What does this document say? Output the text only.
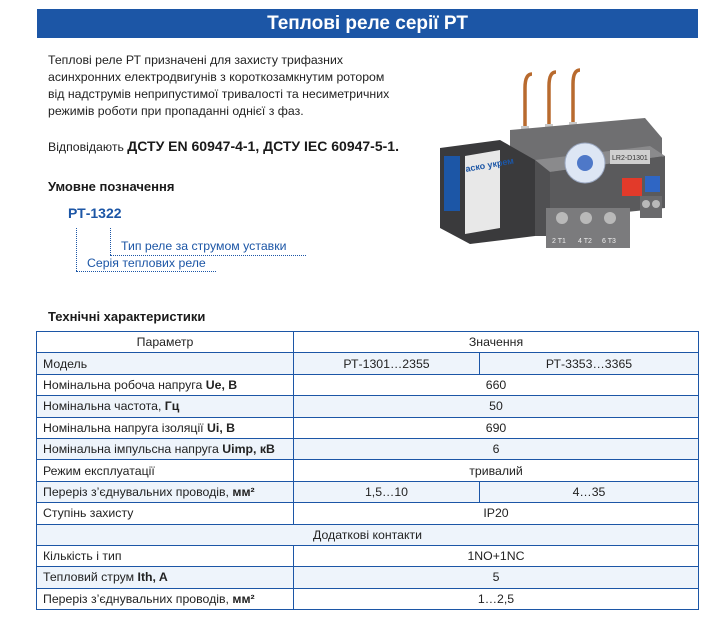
Теплові реле серії РТ
Теплові реле РТ призначені для захисту трифазних
асинхронних електродвигунів з короткозамкнутим ротором
від надструмів неприпустимої тривалості та несиметричних
режимів роботи при пропаданні однієї з фаз.
Відповідають ДСТУ EN 60947-4-1, ДСТУ IEC 60947-5-1.
Умовне позначення
РТ-1322
Тип реле за струмом уставки
Серія теплових реле
аско укрем	LR2-D1301
2 T1 4 T2 6 T3
Технічні характеристики
Параметр	Значення	
Модель	РТ-1301…2355	РТ-3353…3365
Номінальна робоча напруга Ue, В	660	
Номінальна частота, Гц	50	
Номінальна напруга ізоляції Ui, В	690	
Номінальна імпульсна напруга Uimp, кВ	6	
Режим експлуатації	тривалий	
Переріз з’єднувальних проводів, мм²	1,5…10	4…35
Ступінь захисту	IP20	
Додаткові контакти		
Кількість і тип	1NO+1NC	
Тепловий струм Ith, A	5	
Переріз з’єднувальних проводів, мм²	1…2,5	
